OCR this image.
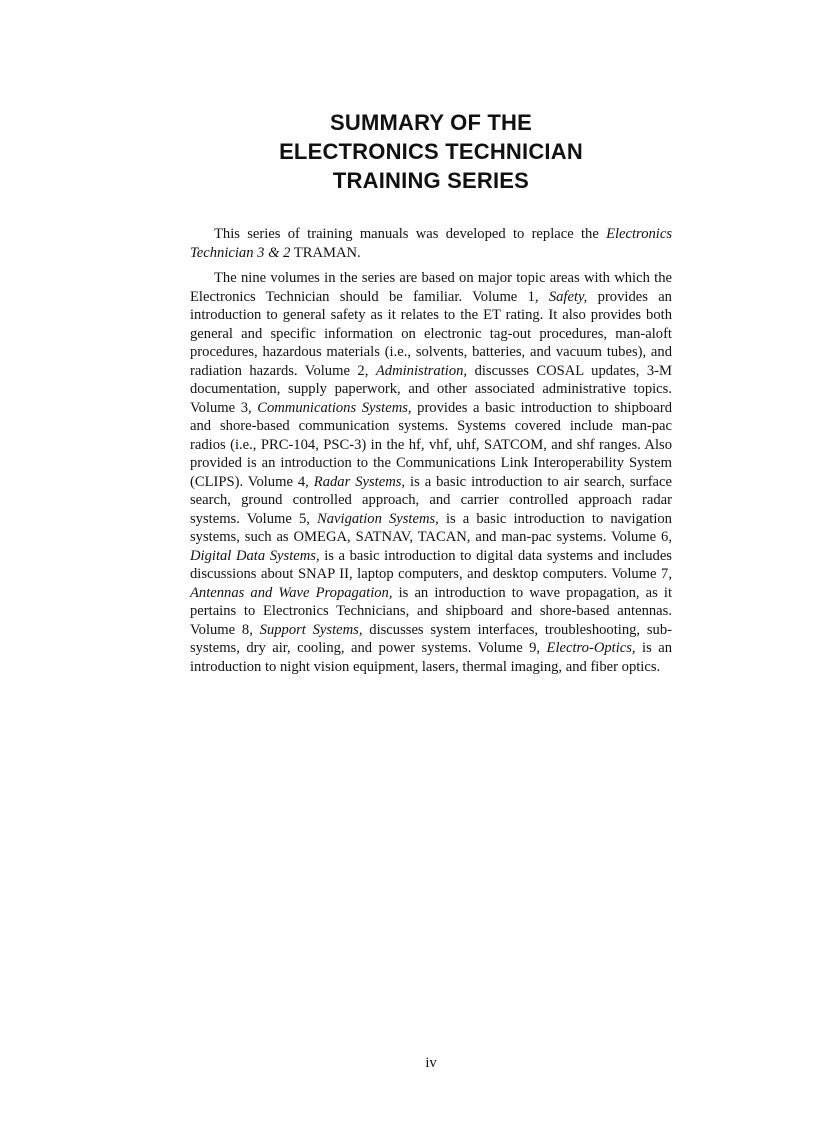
SUMMARY OF THE
ELECTRONICS TECHNICIAN
TRAINING SERIES

This series of training manuals was developed to replace the Electronics Technician 3 & 2 TRAMAN.

The nine volumes in the series are based on major topic areas with which the Electronics Technician should be familiar. Volume 1, Safety, provides an introduction to general safety as it relates to the ET rating. It also provides both general and specific information on electronic tag-out procedures, man-aloft procedures, hazardous materials (i.e., solvents, batteries, and vacuum tubes), and radiation hazards. Volume 2, Administration, discusses COSAL updates, 3-M documentation, supply paperwork, and other associated administrative topics. Volume 3, Communications Systems, provides a basic introduction to shipboard and shore-based communication systems. Systems covered include man-pac radios (i.e., PRC-104, PSC-3) in the hf, vhf, uhf, SATCOM, and shf ranges. Also provided is an introduction to the Communications Link Interoperability System (CLIPS). Volume 4, Radar Systems, is a basic introduction to air search, surface search, ground controlled approach, and carrier controlled approach radar systems. Volume 5, Navigation Systems, is a basic introduction to navigation systems, such as OMEGA, SATNAV, TACAN, and man-pac systems. Volume 6, Digital Data Systems, is a basic introduction to digital data systems and includes discussions about SNAP II, laptop computers, and desktop computers. Volume 7, Antennas and Wave Propagation, is an introduction to wave propagation, as it pertains to Electronics Technicians, and shipboard and shore-based antennas. Volume 8, Support Systems, discusses system interfaces, troubleshooting, sub-systems, dry air, cooling, and power systems. Volume 9, Electro-Optics, is an introduction to night vision equipment, lasers, thermal imaging, and fiber optics.

iv
